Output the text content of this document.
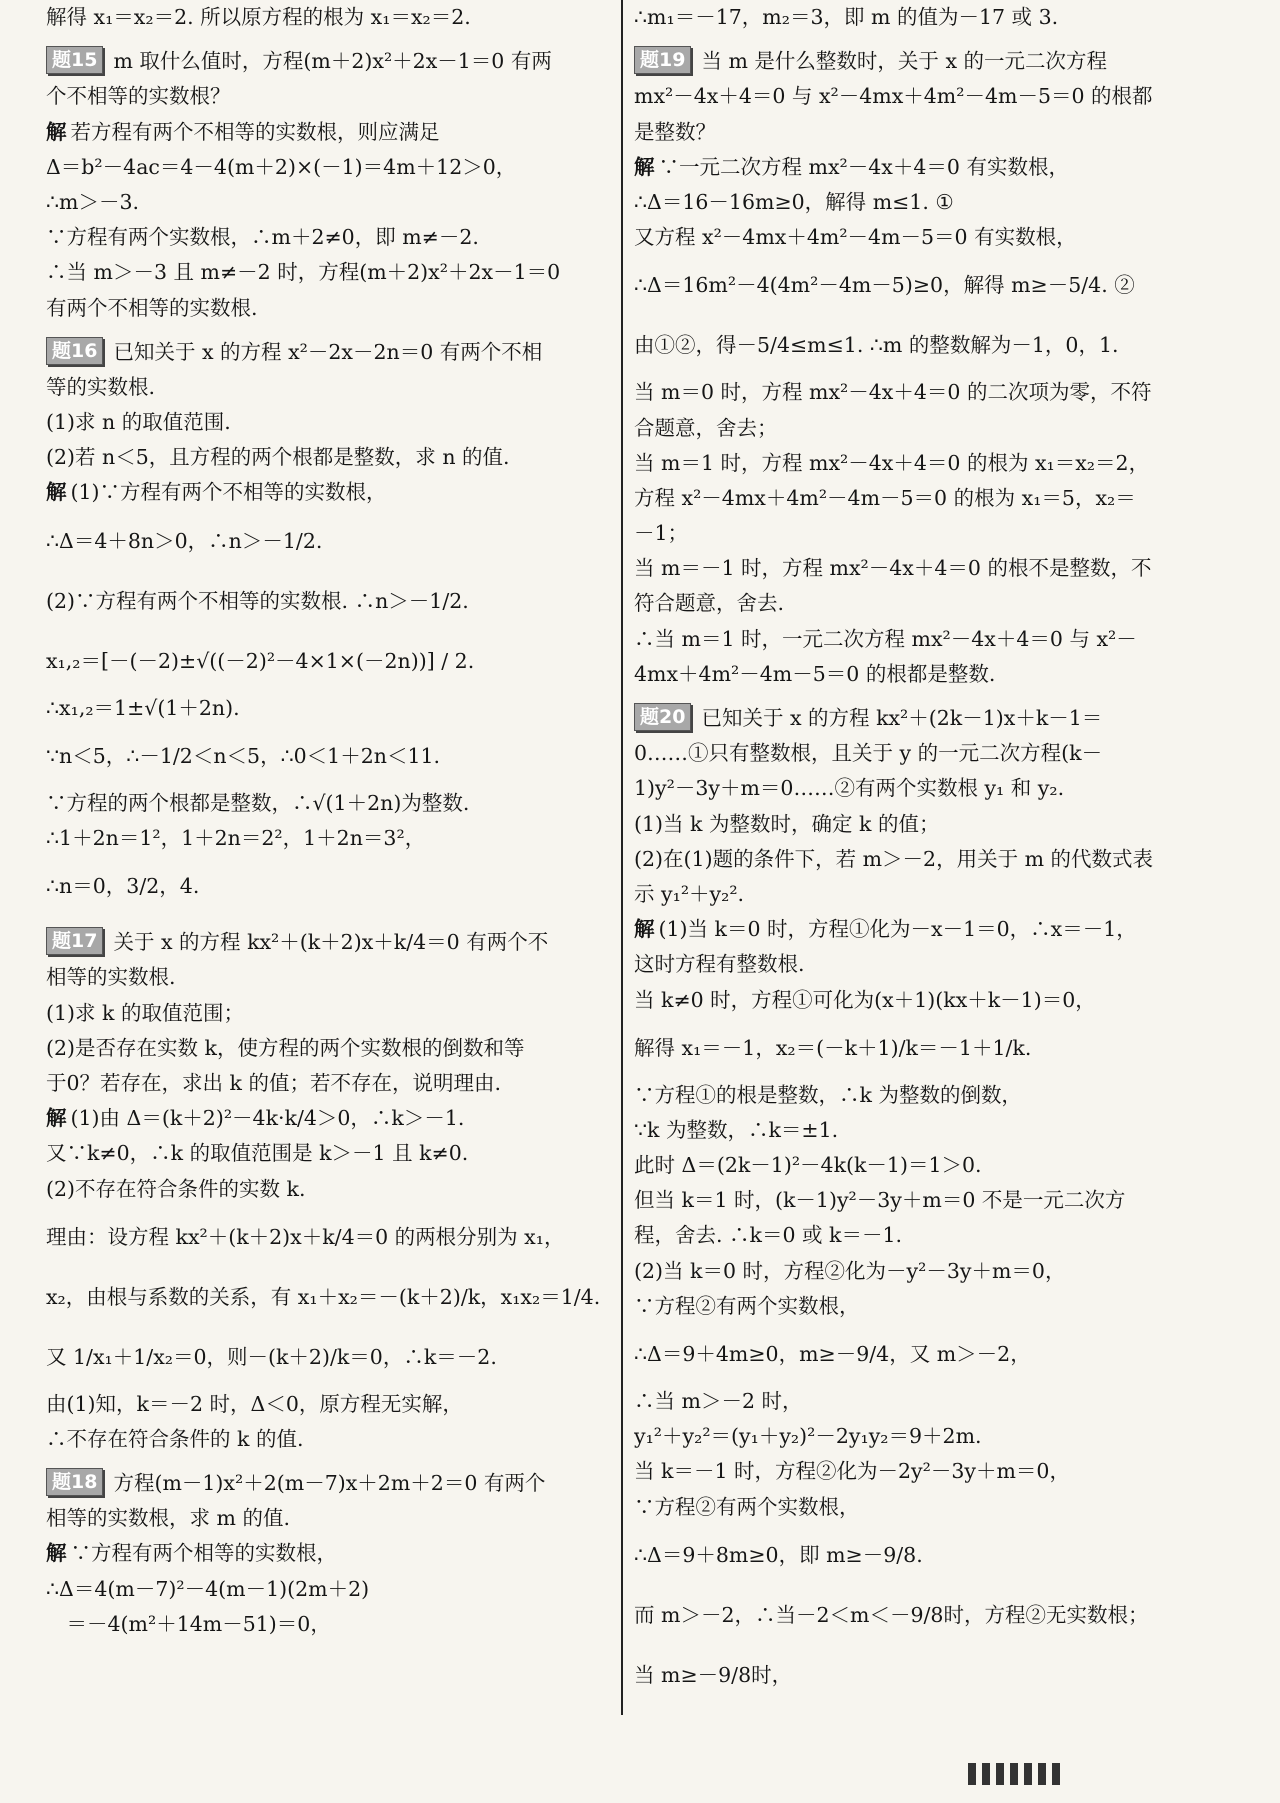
解得 x₁＝x₂＝2. 所以原方程的根为 x₁＝x₂＝2.
题15 m 取什么值时，方程(m＋2)x²＋2x－1＝0 有两
个不相等的实数根？
解 若方程有两个不相等的实数根，则应满足
Δ＝b²－4ac＝4－4(m＋2)×(－1)＝4m＋12＞0，
∴m＞－3.
∵方程有两个实数根，∴m＋2≠0，即 m≠－2.
∴当 m＞－3 且 m≠－2 时，方程(m＋2)x²＋2x－1＝0
有两个不相等的实数根.
题16 已知关于 x 的方程 x²－2x－2n＝0 有两个不相
等的实数根.
(1)求 n 的取值范围.
(2)若 n＜5，且方程的两个根都是整数，求 n 的值.
解 (1)∵方程有两个不相等的实数根，
∴Δ＝4＋8n＞0，∴n＞－1/2.
(2)∵方程有两个不相等的实数根. ∴n＞－1/2.
x₁,₂＝[－(－2)±√((－2)²－4×1×(－2n))] / 2.
∴x₁,₂＝1±√(1＋2n).
∵n＜5，∴－1/2＜n＜5，∴0＜1＋2n＜11.
∵方程的两个根都是整数，∴√(1＋2n)为整数.
∴1＋2n＝1²，1＋2n＝2²，1＋2n＝3²，
∴n＝0，3/2，4.
题17 关于 x 的方程 kx²＋(k＋2)x＋k/4＝0 有两个不
相等的实数根.
(1)求 k 的取值范围；
(2)是否存在实数 k，使方程的两个实数根的倒数和等
于0？若存在，求出 k 的值；若不存在，说明理由.
解 (1)由 Δ＝(k＋2)²－4k·k/4＞0，∴k＞－1.
又∵k≠0，∴k 的取值范围是 k＞－1 且 k≠0.
(2)不存在符合条件的实数 k.
理由：设方程 kx²＋(k＋2)x＋k/4＝0 的两根分别为 x₁，
x₂，由根与系数的关系，有 x₁＋x₂＝－(k＋2)/k，x₁x₂＝1/4.
又 1/x₁＋1/x₂＝0，则－(k＋2)/k＝0，∴k＝－2.
由(1)知，k＝－2 时，Δ＜0，原方程无实解，
∴不存在符合条件的 k 的值.
题18 方程(m－1)x²＋2(m－7)x＋2m＋2＝0 有两个
相等的实数根，求 m 的值.
解 ∵方程有两个相等的实数根，
∴Δ＝4(m－7)²－4(m－1)(2m＋2)
　＝－4(m²＋14m－51)＝0，
∴m₁＝－17，m₂＝3，即 m 的值为－17 或 3.
题19 当 m 是什么整数时，关于 x 的一元二次方程
mx²－4x＋4＝0 与 x²－4mx＋4m²－4m－5＝0 的根都
是整数？
解 ∵一元二次方程 mx²－4x＋4＝0 有实数根，
∴Δ＝16－16m≥0，解得 m≤1. ①
又方程 x²－4mx＋4m²－4m－5＝0 有实数根，
∴Δ＝16m²－4(4m²－4m－5)≥0，解得 m≥－5/4. ②
由①②，得－5/4≤m≤1. ∴m 的整数解为－1，0，1.
当 m＝0 时，方程 mx²－4x＋4＝0 的二次项为零，不符
合题意，舍去；
当 m＝1 时，方程 mx²－4x＋4＝0 的根为 x₁＝x₂＝2，
方程 x²－4mx＋4m²－4m－5＝0 的根为 x₁＝5，x₂＝
－1；
当 m＝－1 时，方程 mx²－4x＋4＝0 的根不是整数，不
符合题意，舍去.
∴当 m＝1 时，一元二次方程 mx²－4x＋4＝0 与 x²－
4mx＋4m²－4m－5＝0 的根都是整数.
题20 已知关于 x 的方程 kx²＋(2k－1)x＋k－1＝
0……①只有整数根，且关于 y 的一元二次方程(k－
1)y²－3y＋m＝0……②有两个实数根 y₁ 和 y₂.
(1)当 k 为整数时，确定 k 的值；
(2)在(1)题的条件下，若 m＞－2，用关于 m 的代数式表
示 y₁²＋y₂².
解 (1)当 k＝0 时，方程①化为－x－1＝0，∴x＝－1，
这时方程有整数根.
当 k≠0 时，方程①可化为(x＋1)(kx＋k－1)＝0，
解得 x₁＝－1，x₂＝(－k＋1)/k＝－1＋1/k.
∵方程①的根是整数，∴k 为整数的倒数，
∵k 为整数，∴k＝±1.
此时 Δ＝(2k－1)²－4k(k－1)＝1＞0.
但当 k＝1 时，(k－1)y²－3y＋m＝0 不是一元二次方
程，舍去. ∴k＝0 或 k＝－1.
(2)当 k＝0 时，方程②化为－y²－3y＋m＝0，
∵方程②有两个实数根，
∴Δ＝9＋4m≥0，m≥－9/4，又 m＞－2，
∴当 m＞－2 时，
y₁²＋y₂²＝(y₁＋y₂)²－2y₁y₂＝9＋2m.
当 k＝－1 时，方程②化为－2y²－3y＋m＝0，
∵方程②有两个实数根，
∴Δ＝9＋8m≥0，即 m≥－9/8.
而 m＞－2，∴当－2＜m＜－9/8时，方程②无实数根；
当 m≥－9/8时，
